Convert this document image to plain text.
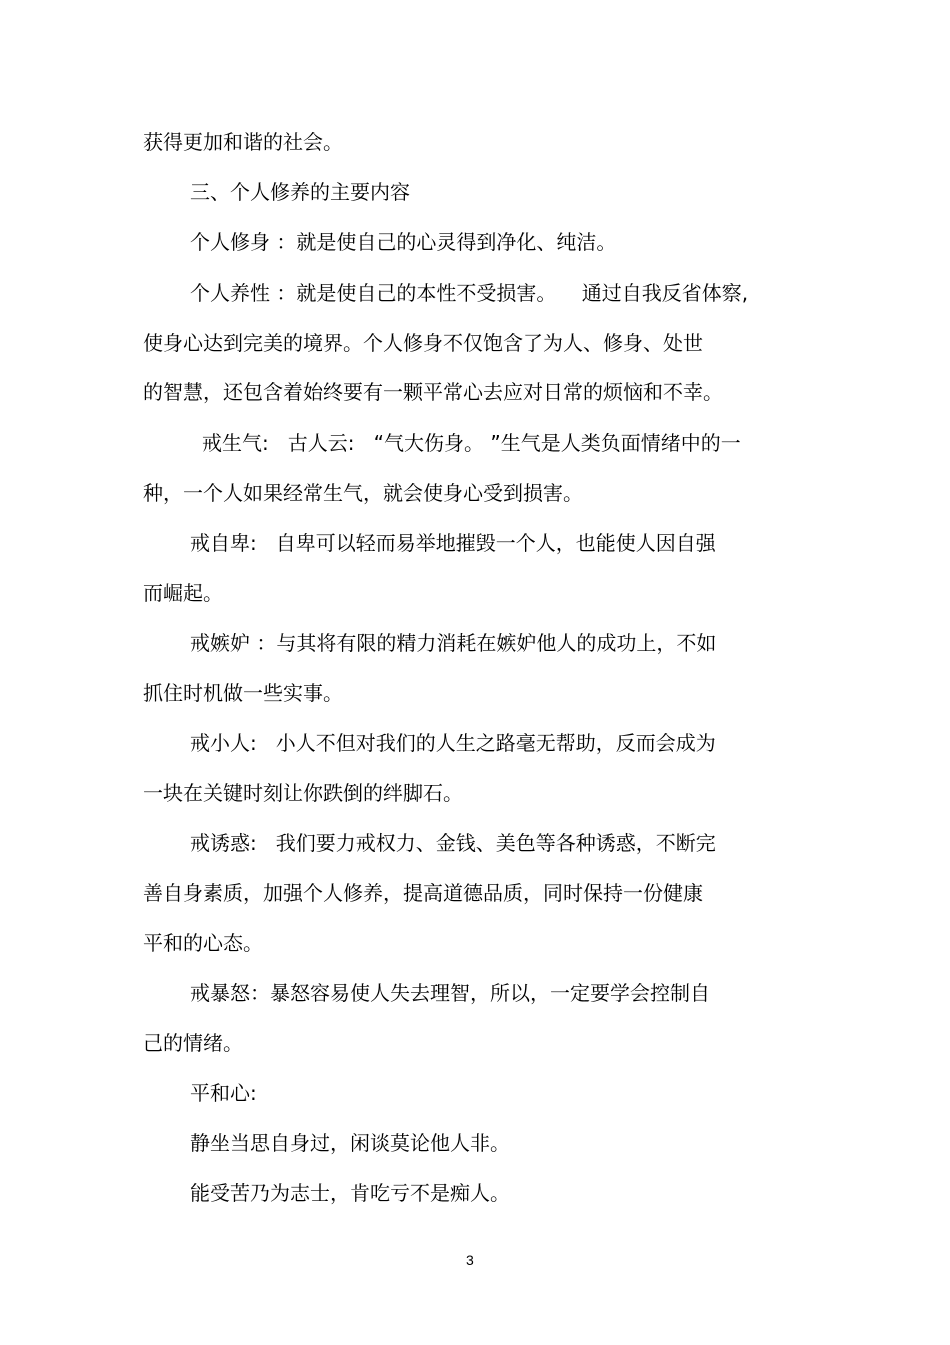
获得更加和谐的社会。
三、个人修养的主要内容
个人修身 ：就是使自己的心灵得到净化、纯洁。
个人养性 ：就是使自己的本性不受损害。    通过自我反省体察,
使身心达到完美的境界。个人修身不仅饱含了为人、修身、处世
的智慧，还包含着始终要有一颗平常心去应对日常的烦恼和不幸。
戒生气:   古人云:   “气大伤身。 ”生气是人类负面情绪中的一
种，一个人如果经常生气，就会使身心受到损害。
戒自卑:   自卑可以轻而易举地摧毁一个人，也能使人因自强
而崛起。
戒嫉妒 ：与其将有限的精力消耗在嫉妒他人的成功上，不如
抓住时机做一些实事。
戒小人:   小人不但对我们的人生之路毫无帮助，反而会成为
一块在关键时刻让你跌倒的绊脚石。
戒诱惑:   我们要力戒权力、金钱、美色等各种诱惑，不断完
善自身素质，加强个人修养，提高道德品质，同时保持一份健康
平和的心态。
戒暴怒：暴怒容易使人失去理智，所以，一定要学会控制自
己的情绪。
平和心:
静坐当思自身过，闲谈莫论他人非。
能受苦乃为志士，肯吃亏不是痴人。
3
